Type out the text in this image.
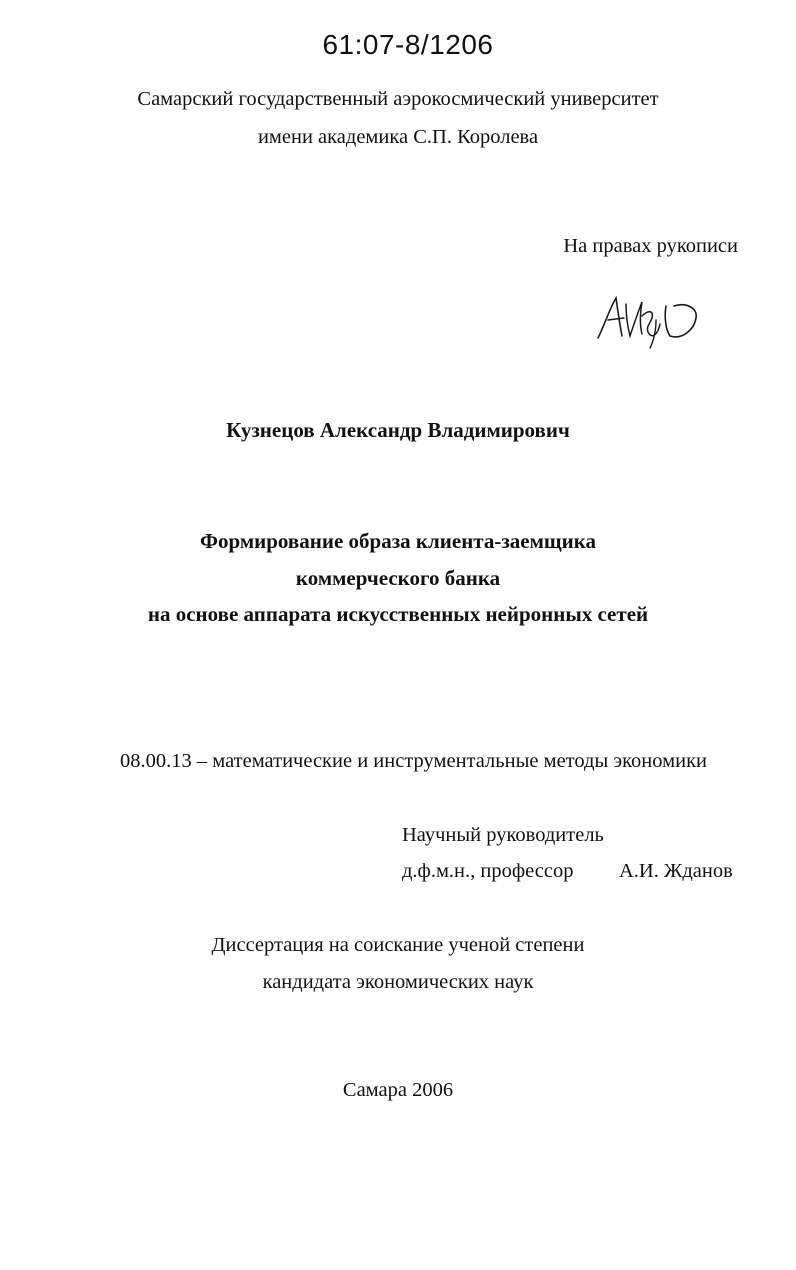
61:07-8/1206
Самарский государственный аэрокосмический университет
имени академика С.П. Королева
На правах рукописи
Кузнецов Александр Владимирович
Формирование образа клиента-заемщика
коммерческого банка
на основе аппарата искусственных нейронных сетей
08.00.13 – математические и инструментальные методы экономики
Научный руководитель
д.ф.м.н., профессор А.И. Жданов
Диссертация на соискание ученой степени
кандидата экономических наук
Самара 2006
